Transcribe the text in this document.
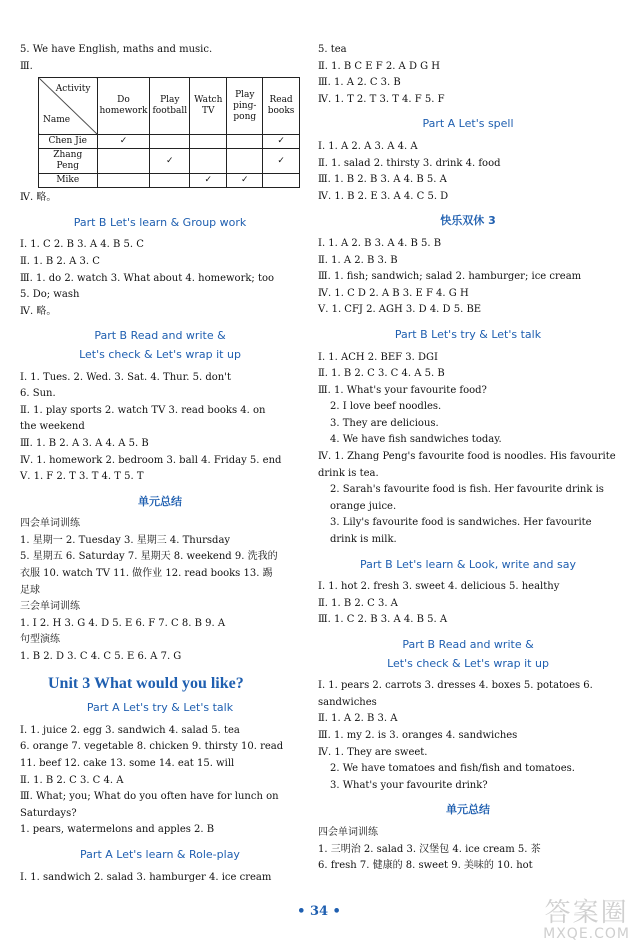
5. We have English, maths and music.
Ⅲ.
Activity
Name	Do homework	Play football	Watch TV	Play ping-pong	Read books
Chen Jie	✓				✓
Zhang Peng		✓			✓
Mike			✓	✓	
Ⅳ. 略。
Part B Let's learn & Group work
Ⅰ. 1. C 2. B 3. A 4. B 5. C
Ⅱ. 1. B 2. A 3. C
Ⅲ. 1. do 2. watch 3. What about 4. homework; too
5. Do; wash
Ⅳ. 略。
Part B Read and write &
Let's check & Let's wrap it up
Ⅰ. 1. Tues. 2. Wed. 3. Sat. 4. Thur. 5. don't
6. Sun.
Ⅱ. 1. play sports 2. watch TV 3. read books 4. on
the weekend
Ⅲ. 1. B 2. A 3. A 4. A 5. B
Ⅳ. 1. homework 2. bedroom 3. ball 4. Friday 5. end
Ⅴ. 1. F 2. T 3. T 4. T 5. T
单元总结
四会单词训练
1. 星期一 2. Tuesday 3. 星期三 4. Thursday
5. 星期五 6. Saturday 7. 星期天 8. weekend 9. 洗我的
衣服 10. watch TV 11. 做作业 12. read books 13. 踢
足球
三会单词训练
1. I 2. H 3. G 4. D 5. E 6. F 7. C 8. B 9. A
句型演练
1. B 2. D 3. C 4. C 5. E 6. A 7. G
Unit 3 What would you like?
Part A Let's try & Let's talk
Ⅰ. 1. juice 2. egg 3. sandwich 4. salad 5. tea
6. orange 7. vegetable 8. chicken 9. thirsty 10. read
11. beef 12. cake 13. some 14. eat 15. will
Ⅱ. 1. B 2. C 3. C 4. A
Ⅲ. What; you; What do you often have for lunch on
Saturdays?
1. pears, watermelons and apples 2. B
Part A Let's learn & Role-play
Ⅰ. 1. sandwich 2. salad 3. hamburger 4. ice cream
5. tea
Ⅱ. 1. B C E F 2. A D G H
Ⅲ. 1. A 2. C 3. B
Ⅳ. 1. T 2. T 3. T 4. F 5. F
Part A Let's spell
Ⅰ. 1. A 2. A 3. A 4. A
Ⅱ. 1. salad 2. thirsty 3. drink 4. food
Ⅲ. 1. B 2. B 3. A 4. B 5. A
Ⅳ. 1. B 2. E 3. A 4. C 5. D
快乐双休 3
Ⅰ. 1. A 2. B 3. A 4. B 5. B
Ⅱ. 1. A 2. B 3. B
Ⅲ. 1. fish; sandwich; salad 2. hamburger; ice cream
Ⅳ. 1. C D 2. A B 3. E F 4. G H
Ⅴ. 1. CFJ 2. AGH 3. D 4. D 5. BE
Part B Let's try & Let's talk
Ⅰ. 1. ACH 2. BEF 3. DGI
Ⅱ. 1. B 2. C 3. C 4. A 5. B
Ⅲ. 1. What's your favourite food?
2. I love beef noodles.
3. They are delicious.
4. We have fish sandwiches today.
Ⅳ. 1. Zhang Peng's favourite food is noodles. His favourite drink is tea.
2. Sarah's favourite food is fish. Her favourite drink is orange juice.
3. Lily's favourite food is sandwiches. Her favourite drink is milk.
Part B Let's learn & Look, write and say
Ⅰ. 1. hot 2. fresh 3. sweet 4. delicious 5. healthy
Ⅱ. 1. B 2. C 3. A
Ⅲ. 1. C 2. B 3. A 4. B 5. A
Part B Read and write &
Let's check & Let's wrap it up
Ⅰ. 1. pears 2. carrots 3. dresses 4. boxes 5. potatoes 6. sandwiches
Ⅱ. 1. A 2. B 3. A
Ⅲ. 1. my 2. is 3. oranges 4. sandwiches
Ⅳ. 1. They are sweet.
2. We have tomatoes and fish/fish and tomatoes.
3. What's your favourite drink?
单元总结
四会单词训练
1. 三明治 2. salad 3. 汉堡包 4. ice cream 5. 茶
6. fresh 7. 健康的 8. sweet 9. 美味的 10. hot
• 34 •	答案圈
MXQE.COM
